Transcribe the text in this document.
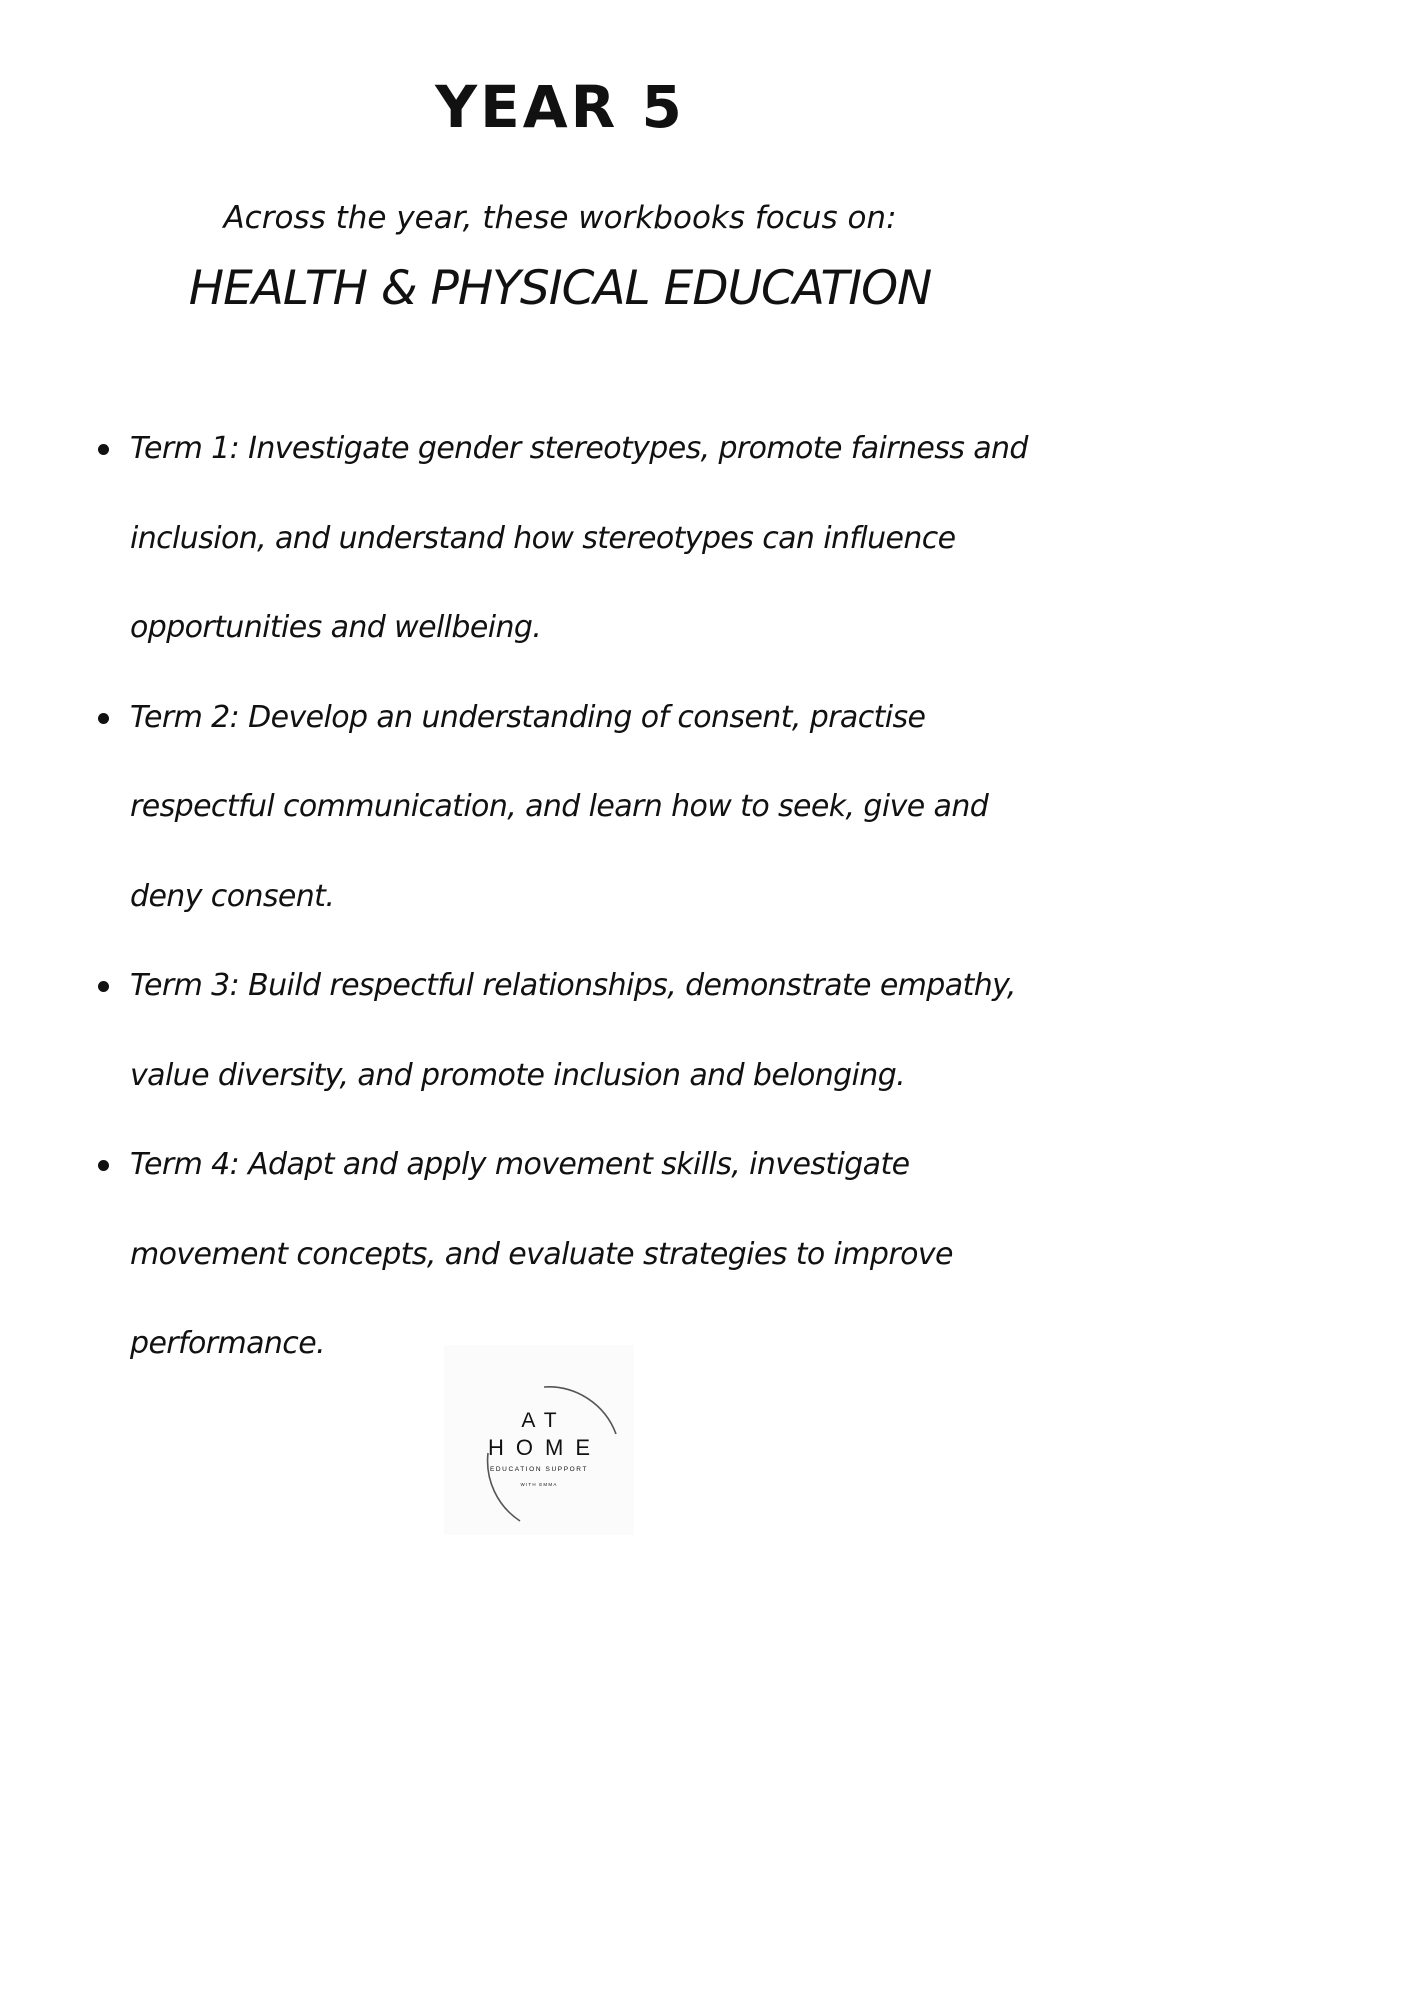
YEAR 5
Across the year, these workbooks focus on:
HEALTH & PHYSICAL EDUCATION
Term 1: Investigate gender stereotypes, promote fairness and inclusion, and understand how stereotypes can influence opportunities and wellbeing.
Term 2: Develop an understanding of consent, practise respectful communication, and learn how to seek, give and deny consent.
Term 3: Build respectful relationships, demonstrate empathy, value diversity, and promote inclusion and belonging.
Term 4: Adapt and apply movement skills, investigate movement concepts, and evaluate strategies to improve performance.
AT
HOME
EDUCATION SUPPORT
WITH EMMA
